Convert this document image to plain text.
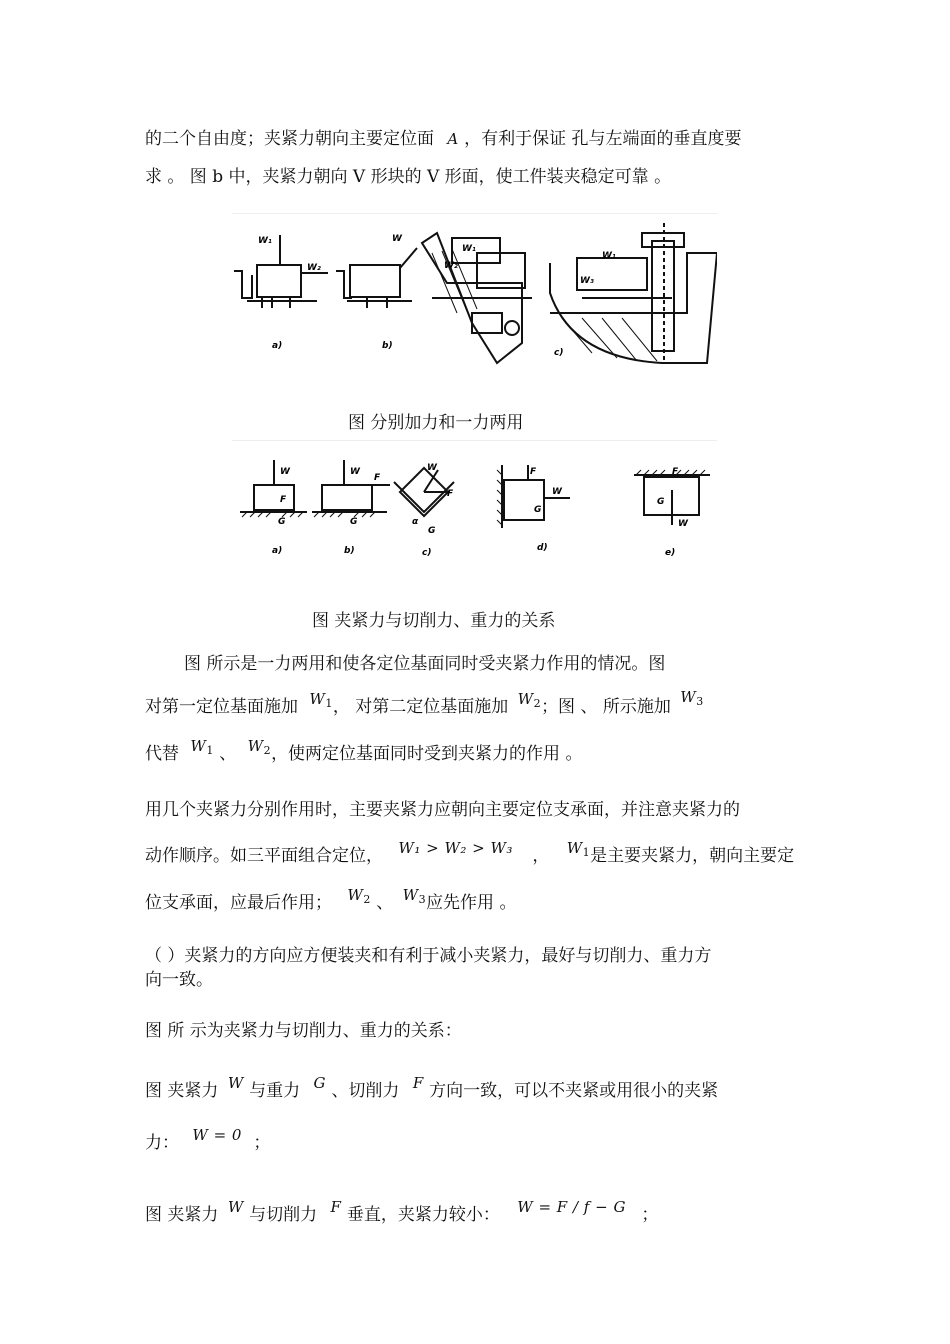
的二个自由度；夹紧力朝向主要定位面 A ，有利于保证 孔与左端面的垂直度要
求 。 图 b 中，夹紧力朝向 V 形块的 V 形面，使工件装夹稳定可靠 。
W₁
W₂
a)
W
b)
W₁
W₂
W₁
W₃
c)
图 分别加力和一力两用
W
F
G
a)
W
F
G
b)
W
F
G
α
c)
F
W
G
d)
F
G
W
e)
图 夹紧力与切削力、重力的关系
图 所示是一力两用和使各定位基面同时受夹紧力作用的情况。图
对第一定位基面施加 $W_1$， 对第二定位基面施加 $W_2$；图 、 所示施加 $W_3$
代替 $W_1$ 、 $W_2$，使两定位基面同时受到夹紧力的作用 。
用几个夹紧力分别作用时，主要夹紧力应朝向主要定位支承面，并注意夹紧力的
动作顺序。如三平面组合定位， W₁ > W₂ > W₃ ， $W_1$是主要夹紧力，朝向主要定
位支承面，应最后作用； $W_2$ 、 $W_3$应先作用 。
（ ）夹紧力的方向应方便装夹和有利于减小夹紧力，最好与切削力、重力方
向一致。
图 所 示为夹紧力与切削力、重力的关系：
图 夹紧力 W 与重力 G 、切削力 F 方向一致，可以不夹紧或用很小的夹紧
力： W = 0 ；
图 夹紧力 W 与切削力 F 垂直，夹紧力较小： W = F / f − G ；
